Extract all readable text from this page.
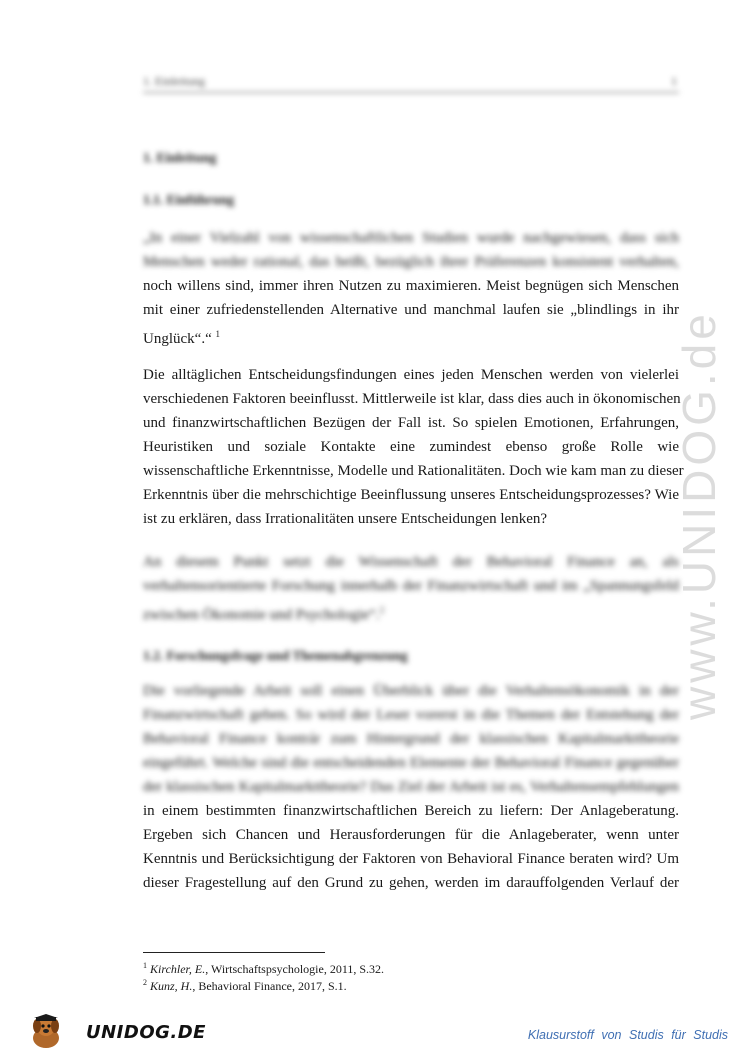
1. Einleitung	1
1. Einleitung
1.1. Einführung
„In einer Vielzahl von wissenschaftlichen Studien wurde nachgewiesen, dass sich
Menschen weder rational, das heißt, bezüglich ihrer Präferenzen konsistent verhalten,
noch willens sind, immer ihren Nutzen zu maximieren. Meist begnügen sich Menschen
mit einer zufriedenstellenden Alternative und manchmal laufen sie „blindlings in ihr
Unglück“.“ $^1$
Die alltäglichen Entscheidungsfindungen eines jeden Menschen werden von vielerlei
verschiedenen Faktoren beeinflusst. Mittlerweile ist klar, dass dies auch in ökonomischen
und finanzwirtschaftlichen Bezügen der Fall ist. So spielen Emotionen, Erfahrungen,
Heuristiken und soziale Kontakte eine zumindest ebenso große Rolle wie
wissenschaftliche Erkenntnisse, Modelle und Rationalitäten. Doch wie kam man zu dieser
Erkenntnis über die mehrschichtige Beeinflussung unseres Entscheidungsprozesses? Wie
ist zu erklären, dass Irrationalitäten unsere Entscheidungen lenken?
An diesem Punkt setzt die Wissenschaft der Behavioral Finance an, als
verhaltensorientierte Forschung innerhalb der Finanzwirtschaft und im „Spannungsfeld
zwischen Ökonomie und Psychologie“.$^2$
1.2. Forschungsfrage und Themenabgrenzung
Die vorliegende Arbeit soll einen Überblick über die Verhaltensökonomik in der
Finanzwirtschaft geben. So wird der Leser vorerst in die Themen der Entstehung der
Behavioral Finance kontrár zum Hintergrund der klassischen Kapitalmarkttheorie
eingeführt. Welche sind die entscheidenden Elemente der Behavioral Finance gegenüber
der klassischen Kapitalmarkttheorie? Das Ziel der Arbeit ist es, Verhaltensempfehlungen
in einem bestimmten finanzwirtschaftlichen Bereich zu liefern: Der Anlageberatung.
Ergeben sich Chancen und Herausforderungen für die Anlageberater, wenn unter
Kenntnis und Berücksichtigung der Faktoren von Behavioral Finance beraten wird? Um
dieser Fragestellung auf den Grund zu gehen, werden im darauffolgenden Verlauf der
$^1$ Kirchler, E., Wirtschaftspsychologie, 2011, S.32.
$^2$ Kunz, H., Behavioral Finance, 2017, S.1.
www.UNIDOG.de
UNIDOG.DE	Klausurstoff von Studis für Studis
